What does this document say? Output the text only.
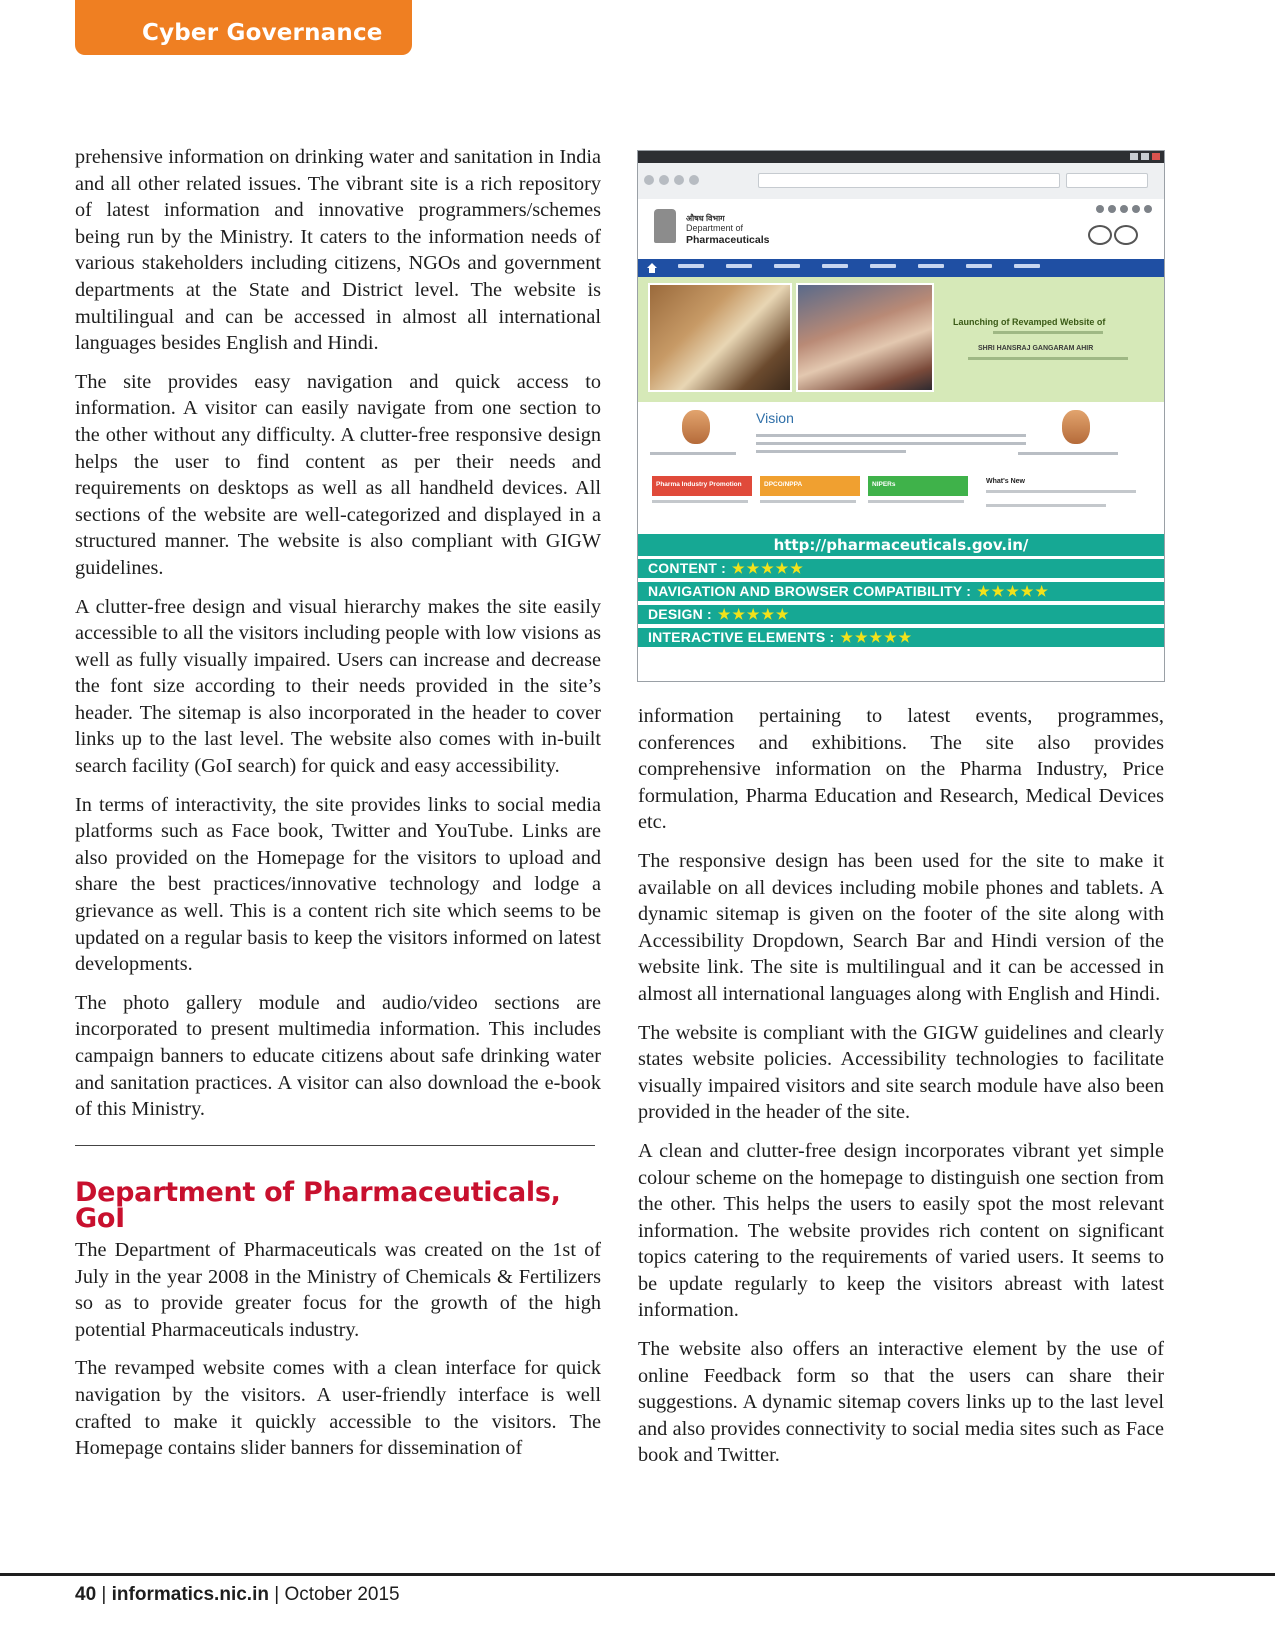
Cyber Governance

prehensive information on drinking water and sanitation in India and all other related issues. The vibrant site is a rich repository of latest information and innovative programmers/schemes being run by the Ministry. It caters to the information needs of various stakeholders including citizens, NGOs and government departments at the State and District level. The website is multilingual and can be accessed in almost all international languages besides English and Hindi.

The site provides easy navigation and quick access to information. A visitor can easily navigate from one section to the other without any difficulty. A clutter-free responsive design helps the user to find content as per their needs and requirements on desktops as well as all handheld devices. All sections of the website are well-categorized and displayed in a structured manner. The website is also compliant with GIGW guidelines.

A clutter-free design and visual hierarchy makes the site easily accessible to all the visitors including people with low visions as well as fully visually impaired. Users can increase and decrease the font size according to their needs provided in the site’s header. The sitemap is also incorporated in the header to cover links up to the last level. The website also comes with in-built search facility (GoI search) for quick and easy accessibility.

In terms of interactivity, the site provides links to social media platforms such as Face book, Twitter and YouTube. Links are also provided on the Homepage for the visitors to upload and share the best practices/innovative technology and lodge a grievance as well. This is a content rich site which seems to be updated on a regular basis to keep the visitors informed on latest developments.

The photo gallery module and audio/video sections are incorporated to present multimedia information. This includes campaign banners to educate citizens about safe drinking water and sanitation practices. A visitor can also download the e-book of this Ministry.

Department of Pharmaceuticals, GoI

The Department of Pharmaceuticals was created on the 1st of July in the year 2008 in the Ministry of Chemicals & Fertilizers so as to provide greater focus for the growth of the high potential Pharmaceuticals industry.

The revamped website comes with a clean interface for quick navigation by the visitors. A user-friendly interface is well crafted to make it quickly accessible to the visitors. The Homepage contains slider banners for dissemination of

औषध विभाग
Department of
Pharmaceuticals
Launching of Revamped Website of
SHRI HANSRAJ GANGARAM AHIR
Vision
Pharma Industry Promotion	DPCO/NPPA	NIPERs	What's New
http://pharmaceuticals.gov.in/
CONTENT : ★★★★★
NAVIGATION AND BROWSER COMPATIBILITY : ★★★★★
DESIGN : ★★★★★
INTERACTIVE ELEMENTS : ★★★★★

information pertaining to latest events, programmes, conferences and exhibitions. The site also provides comprehensive information on the Pharma Industry, Price formulation, Pharma Education and Research, Medical Devices etc.

The responsive design has been used for the site to make it available on all devices including mobile phones and tablets. A dynamic sitemap is given on the footer of the site along with Accessibility Dropdown, Search Bar and Hindi version of the website link. The site is multilingual and it can be accessed in almost all international languages along with English and Hindi.

The website is compliant with the GIGW guidelines and clearly states website policies. Accessibility technologies to facilitate visually impaired visitors and site search module have also been provided in the header of the site.

A clean and clutter-free design incorporates vibrant yet simple colour scheme on the homepage to distinguish one section from the other. This helps the users to easily spot the most relevant information. The website provides rich content on significant topics catering to the requirements of varied users. It seems to be update regularly to keep the visitors abreast with latest information.

The website also offers an interactive element by the use of online Feedback form so that the users can share their suggestions. A dynamic sitemap covers links up to the last level and also provides connectivity to social media sites such as Face book and Twitter.

40 | informatics.nic.in | October 2015
